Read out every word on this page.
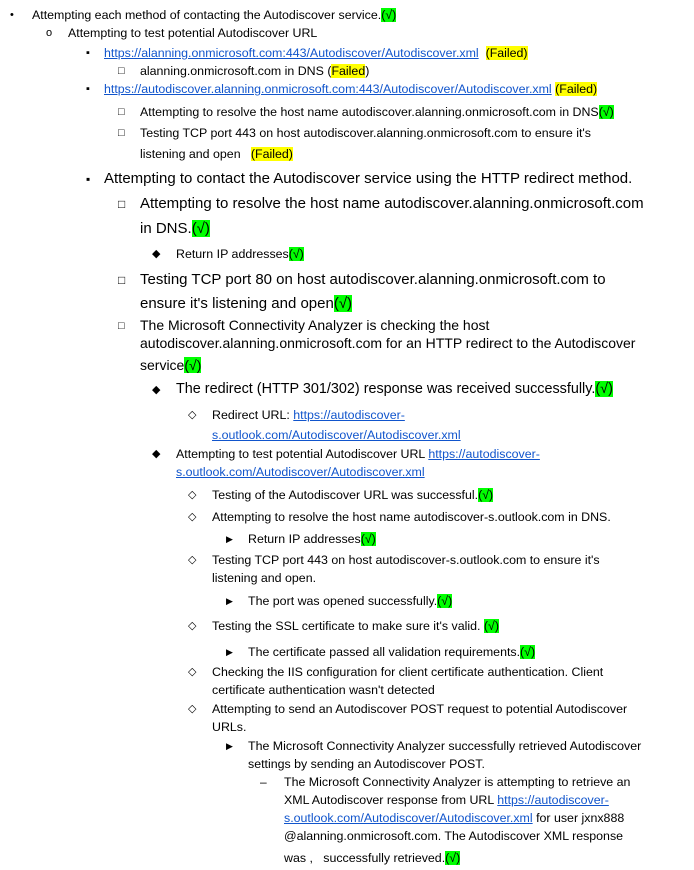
• Attempting each method of contacting the Autodiscover service.(√)
o Attempting to test potential Autodiscover URL
▪ https://alanning.onmicrosoft.com:443/Autodiscover/Autodiscover.xml (Failed)
□ alanning.onmicrosoft.com in DNS (Failed)
▪ https://autodiscover.alanning.onmicrosoft.com:443/Autodiscover/Autodiscover.xml (Failed)
□ Attempting to resolve the host name autodiscover.alanning.onmicrosoft.com in DNS(√)
□ Testing TCP port 443 on host autodiscover.alanning.onmicrosoft.com to ensure it's
listening and open (Failed)
▪ Attempting to contact the Autodiscover service using the HTTP redirect method.
□ Attempting to resolve the host name autodiscover.alanning.onmicrosoft.com
in DNS.(√)
◆ Return IP addresses(√)
□ Testing TCP port 80 on host autodiscover.alanning.onmicrosoft.com to
ensure it's listening and open(√)
□ The Microsoft Connectivity Analyzer is checking the host
autodiscover.alanning.onmicrosoft.com for an HTTP redirect to the Autodiscover
service(√)
◆ The redirect (HTTP 301/302) response was received successfully.(√)
◇ Redirect URL: https://autodiscover-
s.outlook.com/Autodiscover/Autodiscover.xml
◆ Attempting to test potential Autodiscover URL https://autodiscover-
s.outlook.com/Autodiscover/Autodiscover.xml
◇ Testing of the Autodiscover URL was successful.(√)
◇ Attempting to resolve the host name autodiscover-s.outlook.com in DNS.
▶ Return IP addresses(√)
◇ Testing TCP port 443 on host autodiscover-s.outlook.com to ensure it's
listening and open.
▶ The port was opened successfully.(√)
◇ Testing the SSL certificate to make sure it's valid. (√)
▶ The certificate passed all validation requirements.(√)
◇ Checking the IIS configuration for client certificate authentication. Client
certificate authentication wasn't detected
◇ Attempting to send an Autodiscover POST request to potential Autodiscover
URLs.
▶ The Microsoft Connectivity Analyzer successfully retrieved Autodiscover
settings by sending an Autodiscover POST.
– The Microsoft Connectivity Analyzer is attempting to retrieve an
XML Autodiscover response from URL https://autodiscover-
s.outlook.com/Autodiscover/Autodiscover.xml for user jxnx888
@alanning.onmicrosoft.com. The Autodiscover XML response
was ,   successfully retrieved.(√)
